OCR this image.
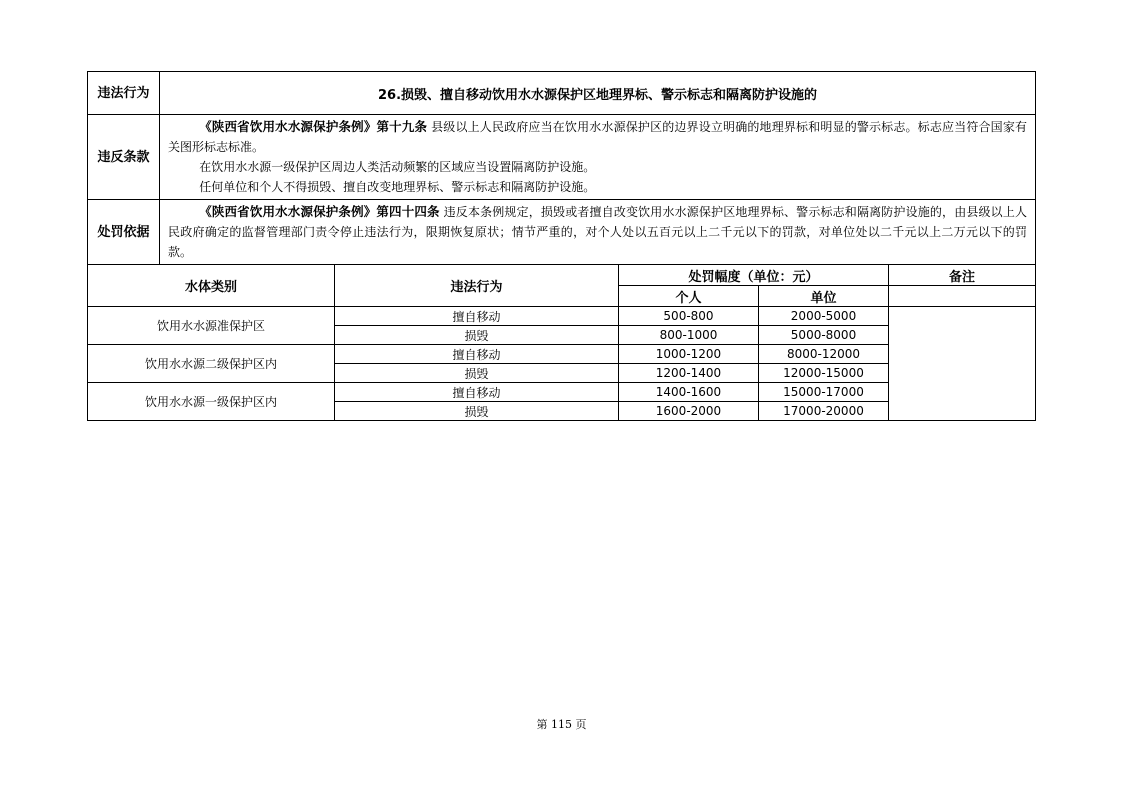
违法行为	26.损毁、擅自移动饮用水水源保护区地理界标、警示标志和隔离防护设施的
违反条款	《陕西省饮用水水源保护条例》第十九条 县级以上人民政府应当在饮用水水源保护区的边界设立明确的地理界标和明显的警示标志。标志应当符合国家有关图形标志标准。

在饮用水水源一级保护区周边人类活动频繁的区域应当设置隔离防护设施。

任何单位和个人不得损毁、擅自改变地理界标、警示标志和隔离防护设施。

处罚依据	《陕西省饮用水水源保护条例》第四十四条 违反本条例规定，损毁或者擅自改变饮用水水源保护区地理界标、警示标志和隔离防护设施的，由县级以上人民政府确定的监督管理部门责令停止违法行为，限期恢复原状；情节严重的，对个人处以五百元以上二千元以下的罚款，对单位处以二千元以上二万元以下的罚款。

水体类别	违法行为	处罚幅度（单位：元）		备注
		个人	单位	
饮用水水源准保护区	擅自移动	500-800	2000-5000	
	损毁	800-1000	5000-8000	
饮用水水源二级保护区内	擅自移动	1000-1200	8000-12000	
	损毁	1200-1400	12000-15000	
饮用水水源一级保护区内	擅自移动	1400-1600	15000-17000	
	损毁	1600-2000	17000-20000	
第 115 页
